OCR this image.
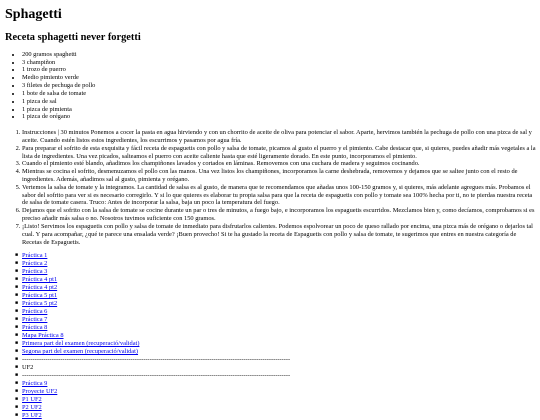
Sphagetti
Receta sphagetti never forgetti
• 200 gramos spaghetti
• 3 champiñon
• 1 trozo de puerro
• Medio pimiento verde
• 3 filetes de pechuga de pollo
• 1 bote de salsa de tomate
• 1 pizca de sal
• 1 pizca de pimienta
• 1 pizca de orégano
1. Instrucciones | 30 minutos Ponemos a cocer la pasta en agua hirviendo y con un chorrito de aceite de oliva para potenciar el sabor. Aparte, hervimos también la pechuga de pollo con una pizca de sal y aceite. Cuando estén listos estos ingredientes, los escurrimos y pasamos por agua fría.
2. Para preparar el sofrito de esta exquisita y fácil receta de espaguetis con pollo y salsa de tomate, picamos al gusto el puerro y el pimiento. Cabe destacar que, si quieres, puedes añadir más vegetales a la lista de ingredientes. Una vez picados, salteamos el puerro con aceite caliente hasta que esté ligeramente dorado. En este punto, incorporamos el pimiento.
3. Cuando el pimiento esté blando, añadimos los champiñones lavados y cortados en láminas. Removemos con una cuchara de madera y seguimos cocinando.
4. Mientras se cocina el sofrito, desmenuzamos el pollo con las manos. Una vez listos los champiñones, incorporamos la carne deshebrada, removemos y dejamos que se saltee junto con el resto de ingredientes. Además, añadimos sal al gusto, pimienta y orégano.
5. Vertemos la salsa de tomate y la integramos. La cantidad de salsa es al gusto, de manera que te recomendamos que añadas unos 100-150 gramos y, si quieres, más adelante agregues más. Probamos el sabor del sofrito para ver si es necesario corregirlo. Y si lo que quieres es elaborar tu propia salsa para que la receta de espaguetis con pollo y tomate sea 100% hecha por ti, no te pierdas nuestra receta de salsa de tomate casera. Truco: Antes de incorporar la salsa, baja un poco la temperatura del fuego.
6. Dejamos que el sofrito con la salsa de tomate se cocine durante un par o tres de minutos, a fuego bajo, e incorporamos los espaguetis escurridos. Mezclamos bien y, como decíamos, comprobamos si es preciso añadir más salsa o no. Nosotros tuvimos suficiente con 150 gramos.
7. ¡Listo! Servimos los espaguetis con pollo y salsa de tomate de inmediato para disfrutarlos calientes. Podemos espolvorear un poco de queso rallado por encima, una pizca más de orégano o dejarlos tal cual. Y para acompañar, ¿qué te parece una ensalada verde? ¡Buen provecho! Si te ha gustado la receta de Espaguetis con pollo y salsa de tomate, te sugerimos que entres en nuestra categoría de Recetas de Espaguetis.
■ Práctica 1
■ Práctica 2
■ Práctica 3
■ Práctica 4 pt1
■ Práctica 4 pt2
■ Práctica 5 pt1
■ Práctica 5 pt2
■ Práctica 6
■ Práctica 7
■ Práctica 8
■ Mapa Práctica 8
■ Primera part del examen (recuperació/validat)
■ Segona part del examen (recuperació/validat)
■ ------------------------------------------------------------------------------------------------------------------------------
■ UF2
■ ------------------------------------------------------------------------------------------------------------------------------
■ Práctica 9
■ Proyecte UF2
■ P1 UF2
■ P2 UF2
■ P3 UF2
